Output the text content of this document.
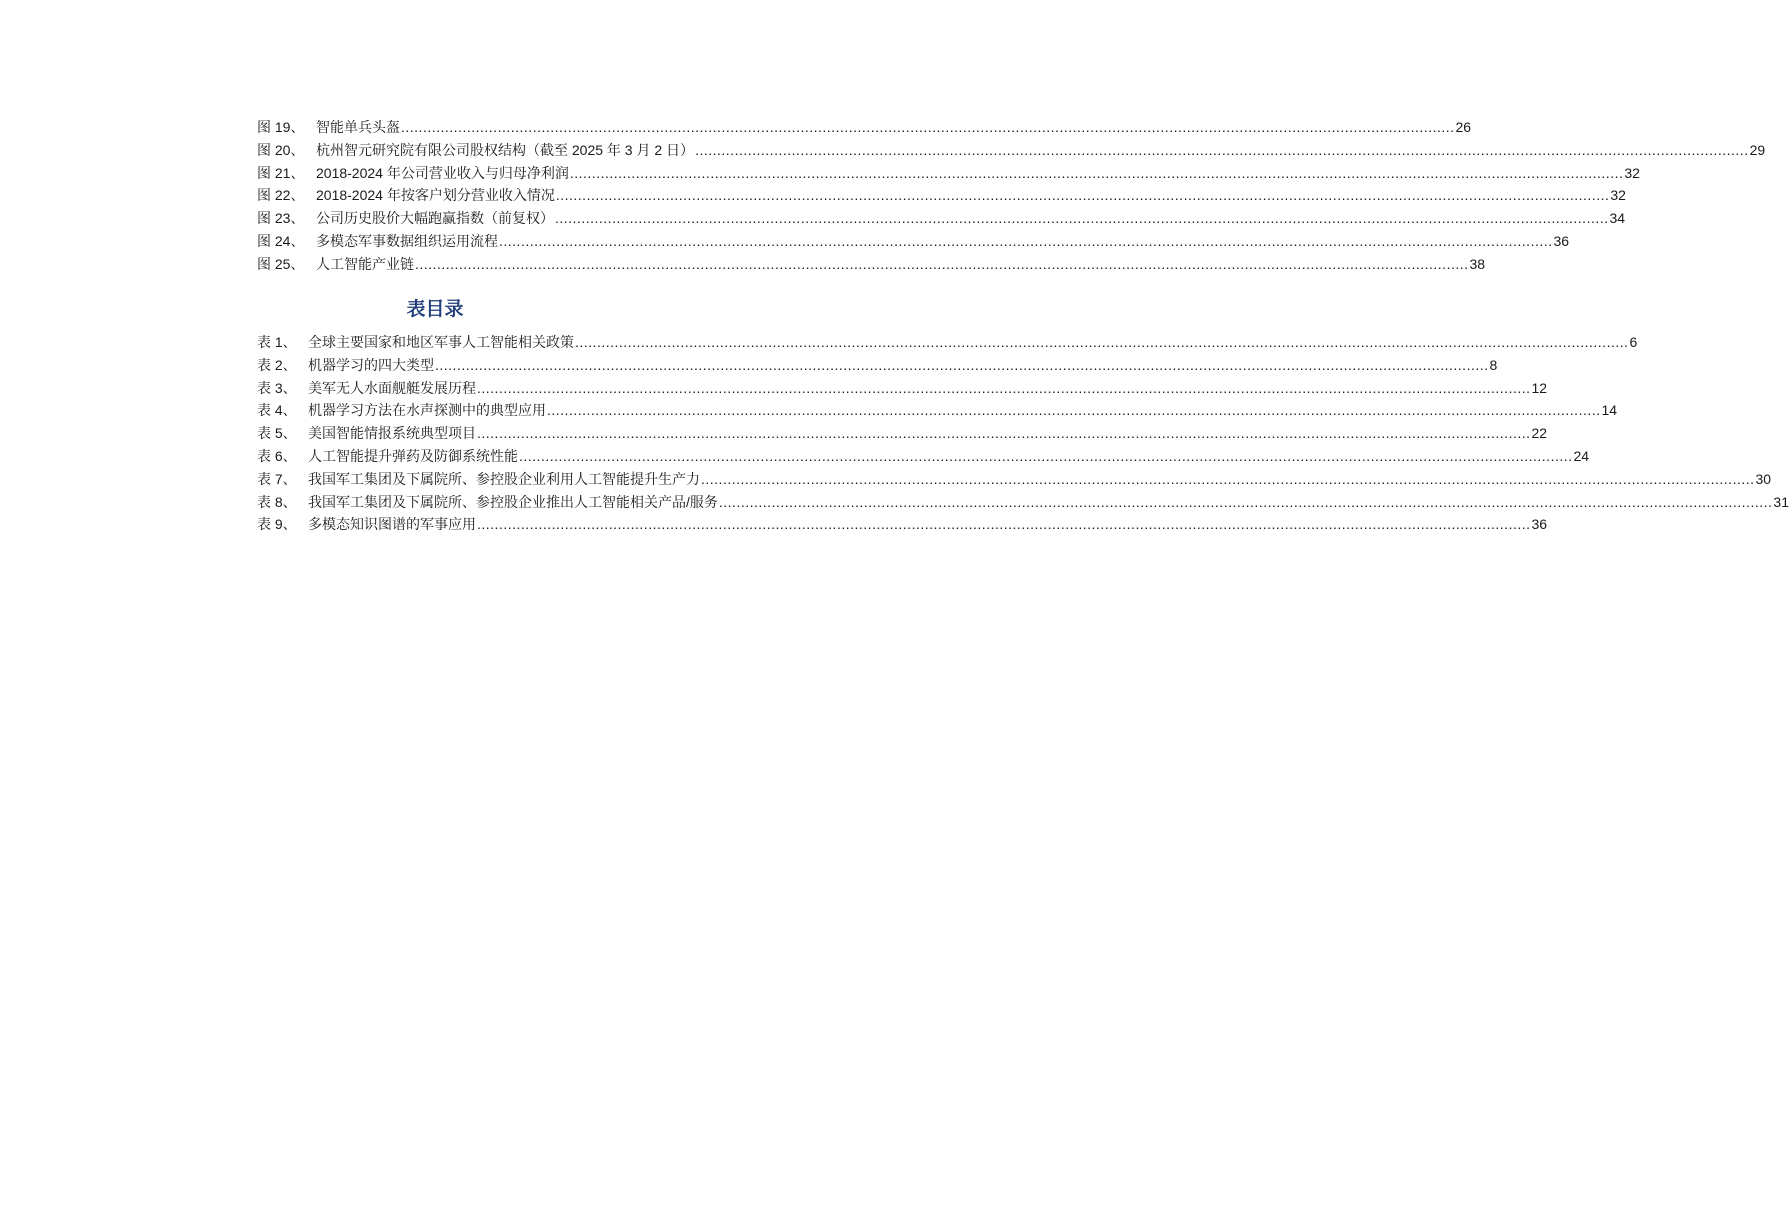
图 19、 智能单兵头盔 .....	26
图 20、 杭州智元研究院有限公司股权结构（截至 2025 年 3 月 2 日） .....	29
图 21、 2018-2024 年公司营业收入与归母净利润 .....	32
图 22、 2018-2024 年按客户划分营业收入情况 .....	32
图 23、 公司历史股价大幅跑赢指数（前复权） .....	34
图 24、 多模态军事数据组织运用流程 .....	36
图 25、 人工智能产业链 .....	38
表目录
表 1、 全球主要国家和地区军事人工智能相关政策 .....	6
表 2、 机器学习的四大类型 .....	8
表 3、 美军无人水面舰艇发展历程 .....	12
表 4、 机器学习方法在水声探测中的典型应用 .....	14
表 5、 美国智能情报系统典型项目 .....	22
表 6、 人工智能提升弹药及防御系统性能 .....	24
表 7、 我国军工集团及下属院所、参控股企业利用人工智能提升生产力 .....	30
表 8、 我国军工集团及下属院所、参控股企业推出人工智能相关产品/服务 .....	31
表 9、 多模态知识图谱的军事应用 .....	36
